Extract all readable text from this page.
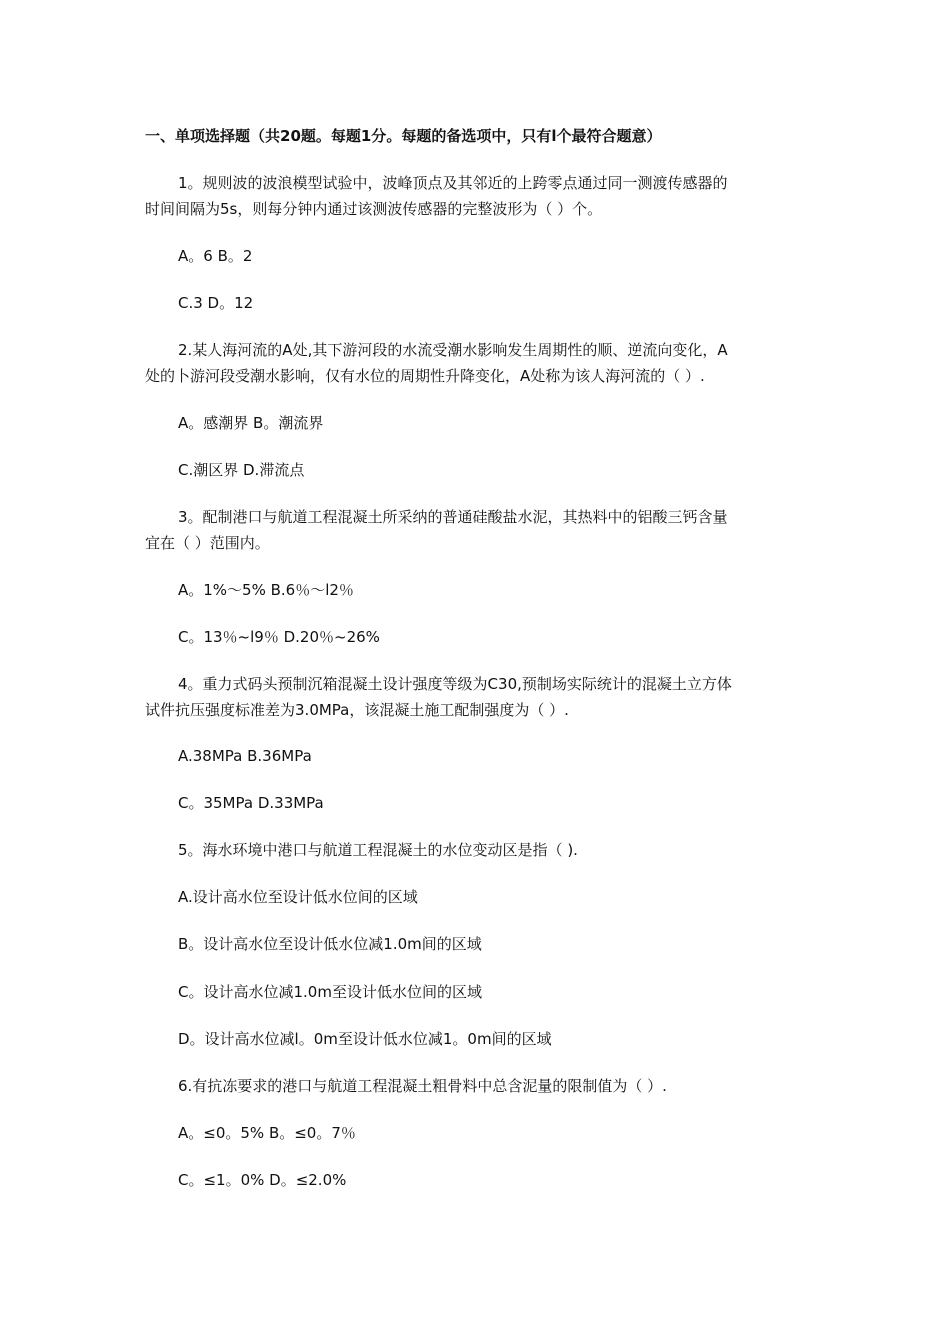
一、单项选择题（共20题。每题1分。每题的备选项中，只有l个最符合题意）
1。规则波的波浪模型试验中，波峰顶点及其邻近的上跨零点通过同一测渡传感器的
时间间隔为5s，则每分钟内通过该测波传感器的完整波形为（ ）个。
A。6 B。2
C.3 D。12
2.某人海河流的A处,其下游河段的水流受潮水影响发生周期性的顺、逆流向变化，A
处的卜游河段受潮水影响，仅有水位的周期性升降变化，A处称为该人海河流的（ ）.
A。感潮界 B。潮流界
C.潮区界 D.滞流点
3。配制港口与航道工程混凝土所采纳的普通硅酸盐水泥，其热料中的铝酸三钙含量
宜在（ ）范围内。
A。1%～5% B.6％～l2％
C。13％~l9％ D.20％~26%
4。重力式码头预制沉箱混凝土设计强度等级为C30,预制场实际统计的混凝土立方体
试件抗压强度标准差为3.0MPa，该混凝土施工配制强度为（ ）.
A.38MPa B.36MPa
C。35MPa D.33MPa
5。海水环境中港口与航道工程混凝土的水位变动区是指（ ).
A.设计高水位至设计低水位间的区域
B。设计高水位至设计低水位减1.0m间的区域
C。设计高水位减1.0m至设计低水位间的区域
D。设计高水位减l。0m至设计低水位减1。0m间的区域
6.有抗冻要求的港口与航道工程混凝土粗骨料中总含泥量的限制值为（ ）.
A。≤0。5% B。≤0。7％
C。≤1。0% D。≤2.0%
